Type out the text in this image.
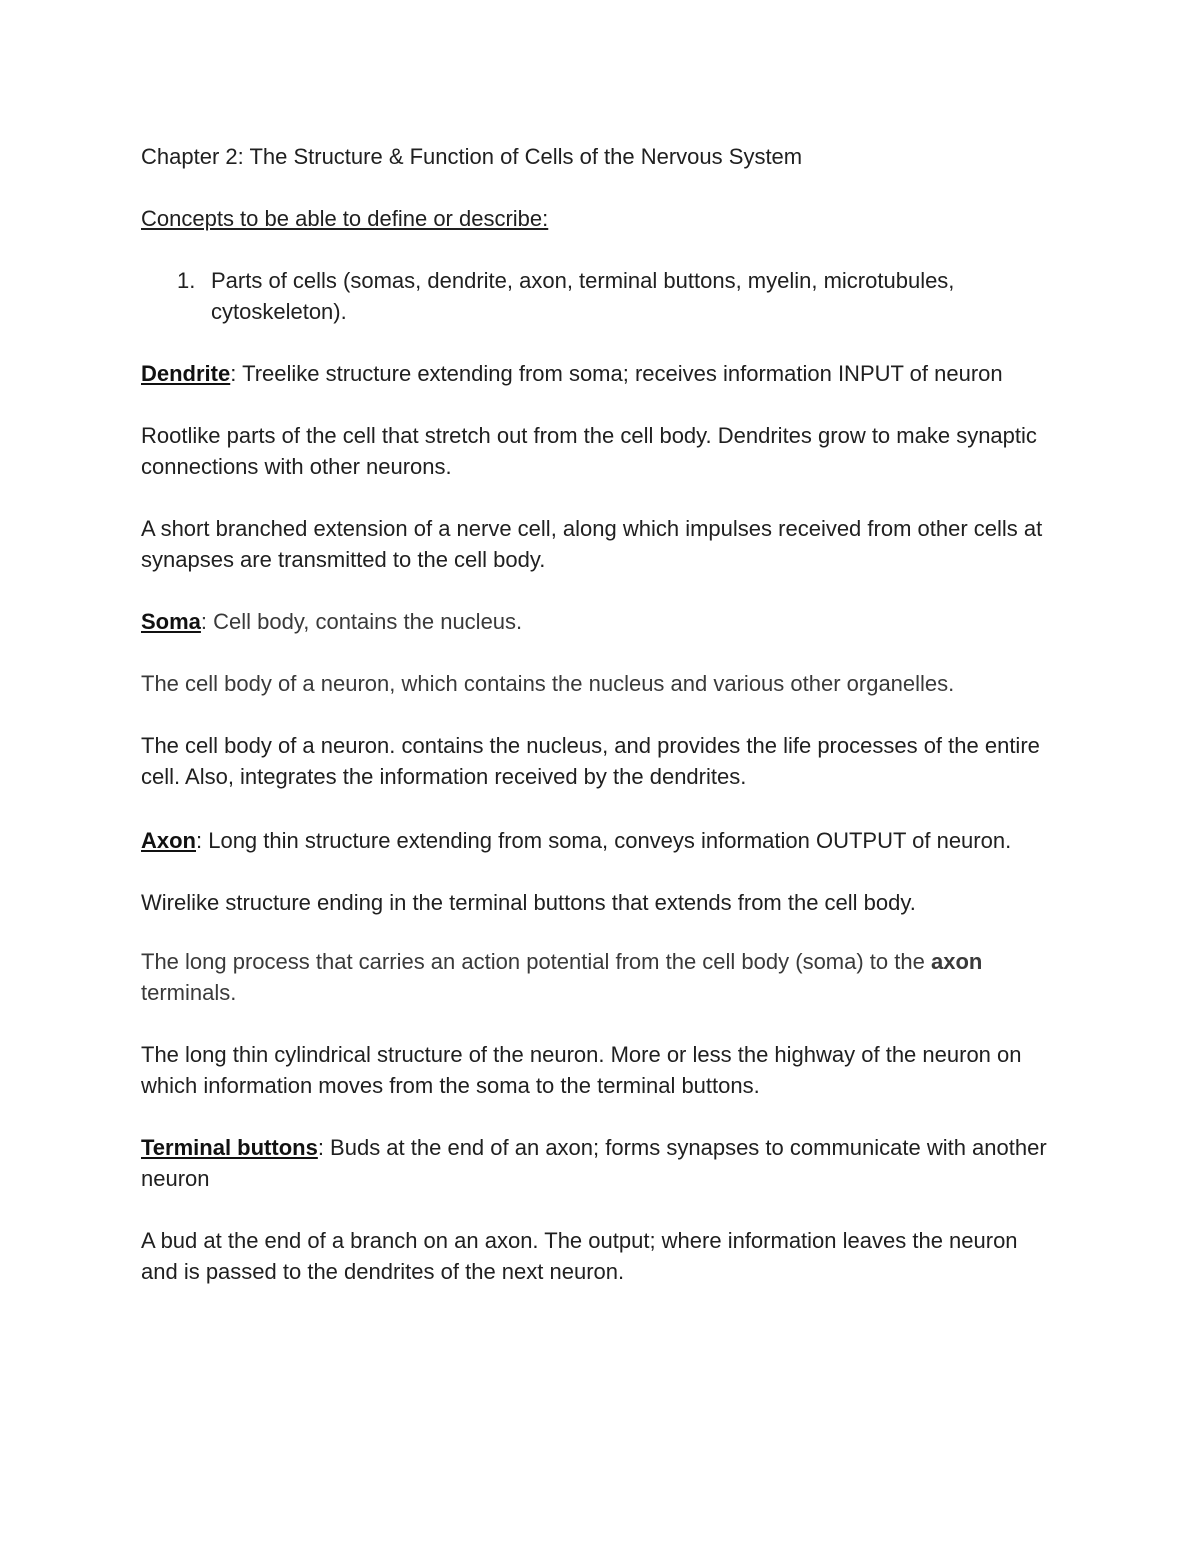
Chapter 2: The Structure & Function of Cells of the Nervous System

Concepts to be able to define or describe:

1. Parts of cells (somas, dendrite, axon, terminal buttons, myelin, microtubules, cytoskeleton).

Dendrite: Treelike structure extending from soma; receives information INPUT of neuron

Rootlike parts of the cell that stretch out from the cell body. Dendrites grow to make synaptic connections with other neurons.

A short branched extension of a nerve cell, along which impulses received from other cells at synapses are transmitted to the cell body.

Soma: Cell body, contains the nucleus.

The cell body of a neuron, which contains the nucleus and various other organelles.

The cell body of a neuron. contains the nucleus, and provides the life processes of the entire cell. Also, integrates the information received by the dendrites.

Axon: Long thin structure extending from soma, conveys information OUTPUT of neuron.

Wirelike structure ending in the terminal buttons that extends from the cell body.

The long process that carries an action potential from the cell body (soma) to the axon terminals.

The long thin cylindrical structure of the neuron. More or less the highway of the neuron on which information moves from the soma to the terminal buttons.

Terminal buttons: Buds at the end of an axon; forms synapses to communicate with another neuron

A bud at the end of a branch on an axon. The output; where information leaves the neuron and is passed to the dendrites of the next neuron.
